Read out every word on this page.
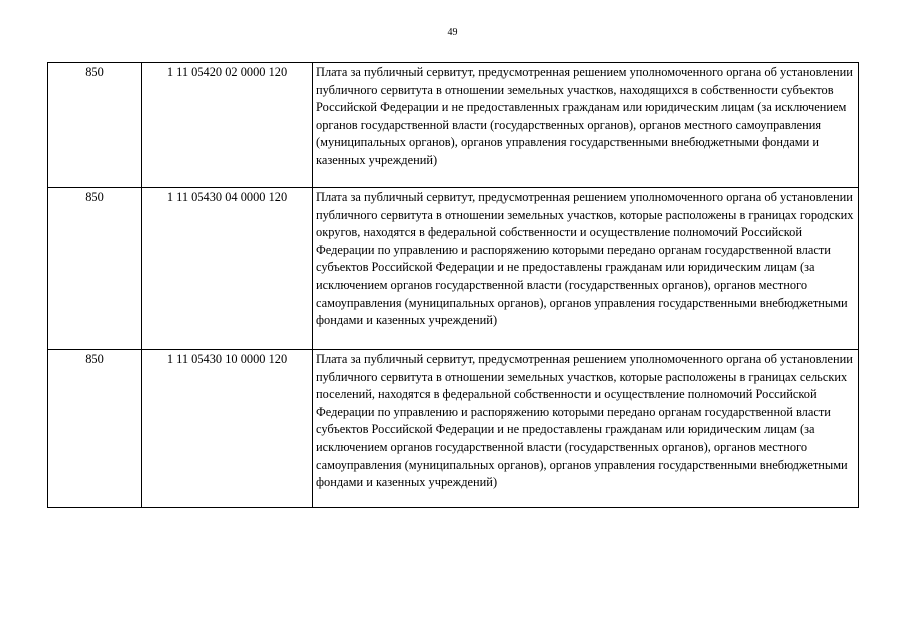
49
850	1 11 05420 02 0000 120	Плата за публичный сервитут, предусмотренная решением уполномоченного органа об установлении публичного сервитута в отношении земельных участков, находящихся в собственности субъектов Российской Федерации и не предоставленных гражданам или юридическим лицам (за исключением органов государственной власти (государственных органов), органов местного самоуправления (муниципальных органов), органов управления государственными внебюджетными фондами и казенных учреждений)
850	1 11 05430 04 0000 120	Плата за публичный сервитут, предусмотренная решением уполномоченного органа об установлении публичного сервитута в отношении земельных участков, которые расположены в границах городских округов, находятся в федеральной собственности и осуществление полномочий Российской Федерации по управлению и распоряжению которыми передано органам государственной власти субъектов Российской Федерации и не предоставлены гражданам или юридическим лицам (за исключением органов государственной власти (государственных органов), органов местного самоуправления (муниципальных органов), органов управления государственными внебюджетными фондами и казенных учреждений)
850	1 11 05430 10 0000 120	Плата за публичный сервитут, предусмотренная решением уполномоченного органа об установлении публичного сервитута в отношении земельных участков, которые расположены в границах сельских поселений, находятся в федеральной собственности и осуществление полномочий Российской Федерации по управлению и распоряжению которыми передано органам государственной власти субъектов Российской Федерации и не предоставлены гражданам или юридическим лицам (за исключением органов государственной власти (государственных органов), органов местного самоуправления (муниципальных органов), органов управления государственными внебюджетными фондами и казенных учреждений)
